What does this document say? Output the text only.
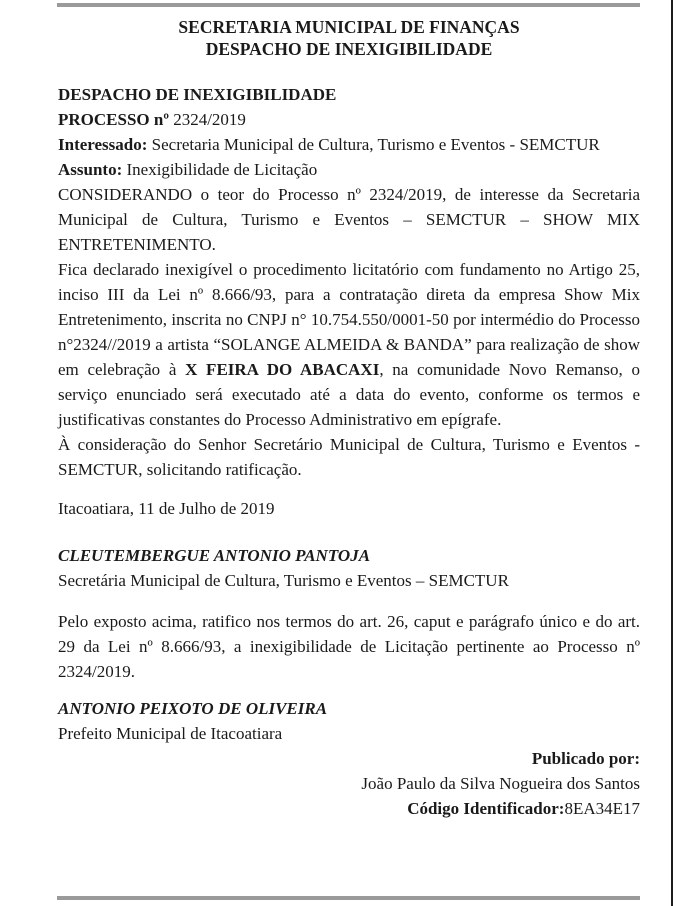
SECRETARIA MUNICIPAL DE FINANÇAS
DESPACHO DE INEXIGIBILIDADE
DESPACHO DE INEXIGIBILIDADE
PROCESSO nº 2324/2019
Interessado: Secretaria Municipal de Cultura, Turismo e Eventos - SEMCTUR
Assunto: Inexigibilidade de Licitação
CONSIDERANDO o teor do Processo nº 2324/2019, de interesse da Secretaria Municipal de Cultura, Turismo e Eventos – SEMCTUR – SHOW MIX ENTRETENIMENTO.
Fica declarado inexigível o procedimento licitatório com fundamento no Artigo 25, inciso III da Lei nº 8.666/93, para a contratação direta da empresa Show Mix Entretenimento, inscrita no CNPJ n° 10.754.550/0001-50 por intermédio do Processo n°2324//2019 a artista “SOLANGE ALMEIDA & BANDA” para realização de show em celebração à X FEIRA DO ABACAXI, na comunidade Novo Remanso, o serviço enunciado será executado até a data do evento, conforme os termos e justificativas constantes do Processo Administrativo em epígrafe.
À consideração do Senhor Secretário Municipal de Cultura, Turismo e Eventos - SEMCTUR, solicitando ratificação.
Itacoatiara, 11 de Julho de 2019
CLEUTEMBERGUE ANTONIO PANTOJA
Secretária Municipal de Cultura, Turismo e Eventos – SEMCTUR
Pelo exposto acima, ratifico nos termos do art. 26, caput e parágrafo único e do art. 29 da Lei nº 8.666/93, a inexigibilidade de Licitação pertinente ao Processo nº 2324/2019.
ANTONIO PEIXOTO DE OLIVEIRA
Prefeito Municipal de Itacoatiara
Publicado por:
João Paulo da Silva Nogueira dos Santos
Código Identificador:8EA34E17
